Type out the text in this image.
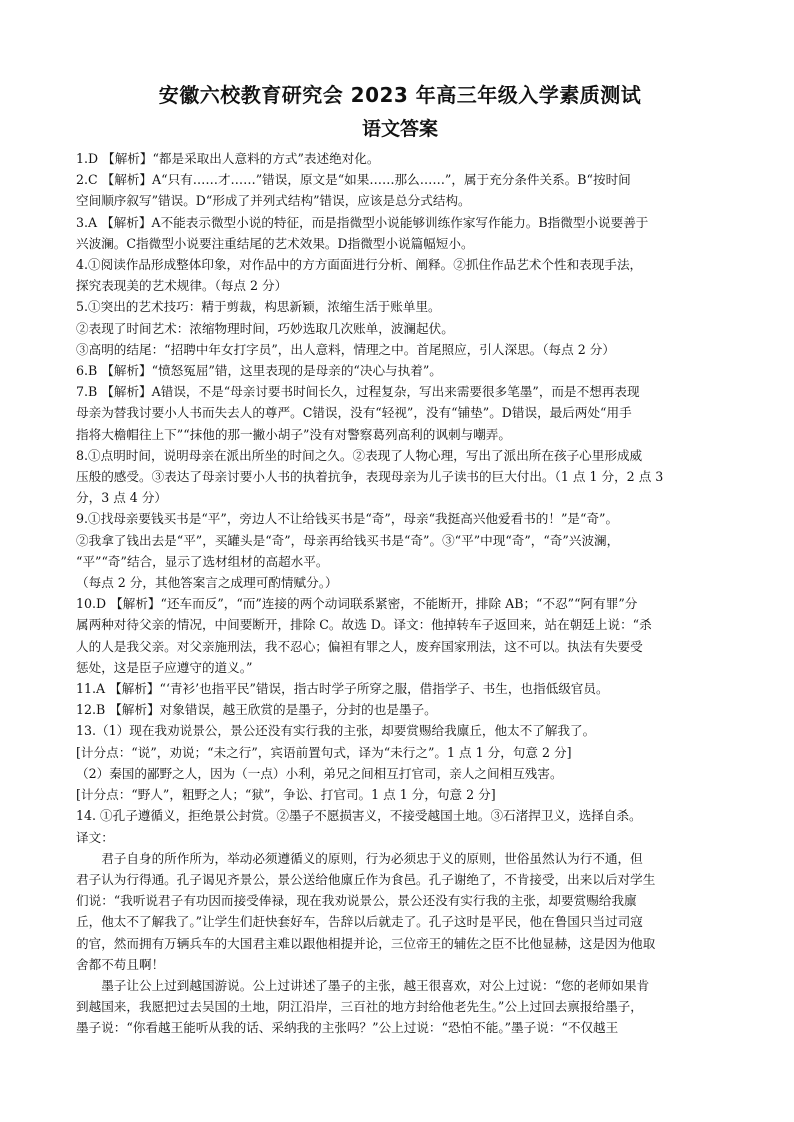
安徽六校教育研究会 2023 年高三年级入学素质测试
语文答案
1.D 【解析】“都是采取出人意料的方式”表述绝对化。
2.C 【解析】A“只有……才……”错误，原文是“如果……那么……”，属于充分条件关系。B“按时间
空间顺序叙写”错误。D“形成了并列式结构”错误，应该是总分式结构。
3.A 【解析】A不能表示微型小说的特征，而是指微型小说能够训练作家写作能力。B指微型小说要善于
兴波澜。C指微型小说要注重结尾的艺术效果。D指微型小说篇幅短小。
4.①阅读作品形成整体印象，对作品中的方方面面进行分析、阐释。②抓住作品艺术个性和表现手法，
探究表现美的艺术规律。（每点 2 分）
5.①突出的艺术技巧：精于剪裁，构思新颖，浓缩生活于账单里。
②表现了时间艺术：浓缩物理时间，巧妙选取几次账单，波澜起伏。
③高明的结尾：“招聘中年女打字员”，出人意料，情理之中。首尾照应，引人深思。（每点 2 分）
6.B 【解析】“愤怒冤屈”错，这里表现的是母亲的“决心与执着”。
7.B 【解析】A错误，不是“母亲讨要书时间长久，过程复杂，写出来需要很多笔墨”，而是不想再表现
母亲为替我讨要小人书而失去人的尊严。C错误，没有“轻视”，没有“铺垫”。D错误，最后两处“用手
指将大檐帽往上下”“抹他的那一撇小胡子”没有对警察葛列高利的讽刺与嘲弄。
8.①点明时间，说明母亲在派出所坐的时间之久。②表现了人物心理，写出了派出所在孩子心里形成威
压般的感受。③表达了母亲讨要小人书的执着抗争，表现母亲为儿子读书的巨大付出。（1 点 1 分，2 点 3
分，3 点 4 分）
9.①找母亲要钱买书是“平”，旁边人不让给钱买书是“奇”，母亲“我挺高兴他爱看书的！”是“奇”。
②我拿了钱出去是“平”，买罐头是“奇”，母亲再给钱买书是“奇”。③“平”中现“奇”，“奇”兴波澜，
“平”“奇”结合，显示了选材组材的高超水平。
（每点 2 分，其他答案言之成理可酌情赋分。）
10.D 【解析】“还车而反”，“而”连接的两个动词联系紧密，不能断开，排除 AB；“不忍”“阿有罪”分
属两种对待父亲的情况，中间要断开，排除 C。故选 D。译文：他掉转车子返回来，站在朝廷上说：“杀
人的人是我父亲。对父亲施刑法，我不忍心；偏袒有罪之人，废弃国家刑法，这不可以。执法有失要受
惩处，这是臣子应遵守的道义。”
11.A 【解析】“‘青衫’也指平民”错误，指古时学子所穿之服，借指学子、书生，也指低级官员。
12.B 【解析】对象错误，越王欣赏的是墨子，分封的也是墨子。
13.（1）现在我劝说景公，景公还没有实行我的主张，却要赏赐给我廪丘，他太不了解我了。
[计分点：“说”，劝说；“未之行”，宾语前置句式，译为“未行之”。1 点 1 分，句意 2 分]
（2）秦国的鄙野之人，因为（一点）小利，弟兄之间相互打官司，亲人之间相互残害。
[计分点：“野人”，粗野之人；“狱”，争讼、打官司。1 点 1 分，句意 2 分]
14. ①孔子遵循义，拒绝景公封赏。②墨子不愿损害义，不接受越国土地。③石渚捍卫义，选择自杀。
译文：
君子自身的所作所为，举动必须遵循义的原则，行为必须忠于义的原则，世俗虽然认为行不通，但
君子认为行得通。孔子谒见齐景公，景公送给他廪丘作为食邑。孔子谢绝了，不肯接受，出来以后对学生
们说：“我听说君子有功因而接受俸禄，现在我劝说景公，景公还没有实行我的主张，却要赏赐给我廪
丘，他太不了解我了。”让学生们赶快套好车，告辞以后就走了。孔子这时是平民，他在鲁国只当过司寇
的官，然而拥有万辆兵车的大国君主难以跟他相提并论，三位帝王的辅佐之臣不比他显赫，这是因为他取
舍都不苟且啊！
墨子让公上过到越国游说。公上过讲述了墨子的主张，越王很喜欢，对公上过说：“您的老师如果肯
到越国来，我愿把过去吴国的土地，阴江沿岸，三百社的地方封给他老先生。”公上过回去禀报给墨子，
墨子说：“你看越王能听从我的话、采纳我的主张吗？”公上过说：“恐怕不能。”墨子说：“不仅越王
